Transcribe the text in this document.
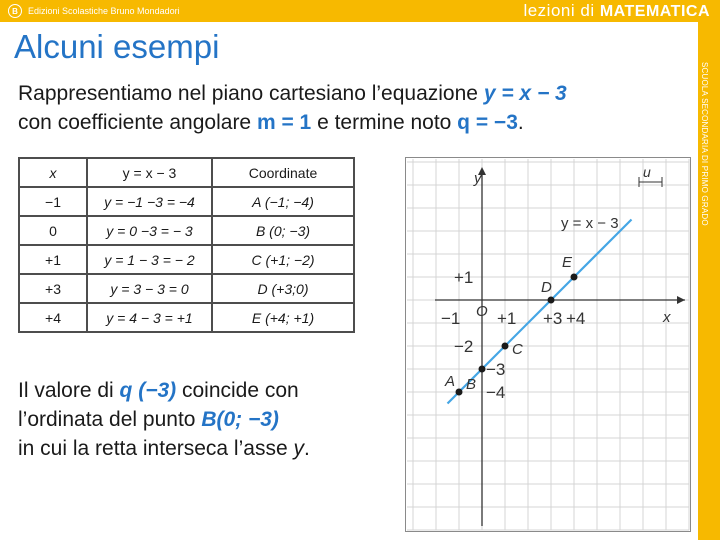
B	Edizioni Scolastiche Bruno Mondadori	lezioni di MATEMATICA
SCUOLA SECONDARIA DI PRIMO GRADO
Alcuni esempi

Rappresentiamo nel piano cartesiano l’equazione y = x − 3
con coefficiente angolare m = 1 e termine noto q = −3.

x	y = x − 3	Coordinate
−1	y = −1 −3 = −4	A (−1; −4)
0	y = 0 −3 = − 3	B (0; −3)
+1	y = 1 − 3 = − 2	C (+1; −2)
+3	y = 3 − 3 = 0	D (+3;0)
+4	y = 4 − 3 = +1	E (+4; +1)

Il valore di q (−3) coincide con
l’ordinata del punto B(0; −3)
in cui la retta interseca l’asse y.

x
y
O
u
−1 +1 +3 +4
+1
−2
−3
−4
y = x − 3
A B
C
D
E
